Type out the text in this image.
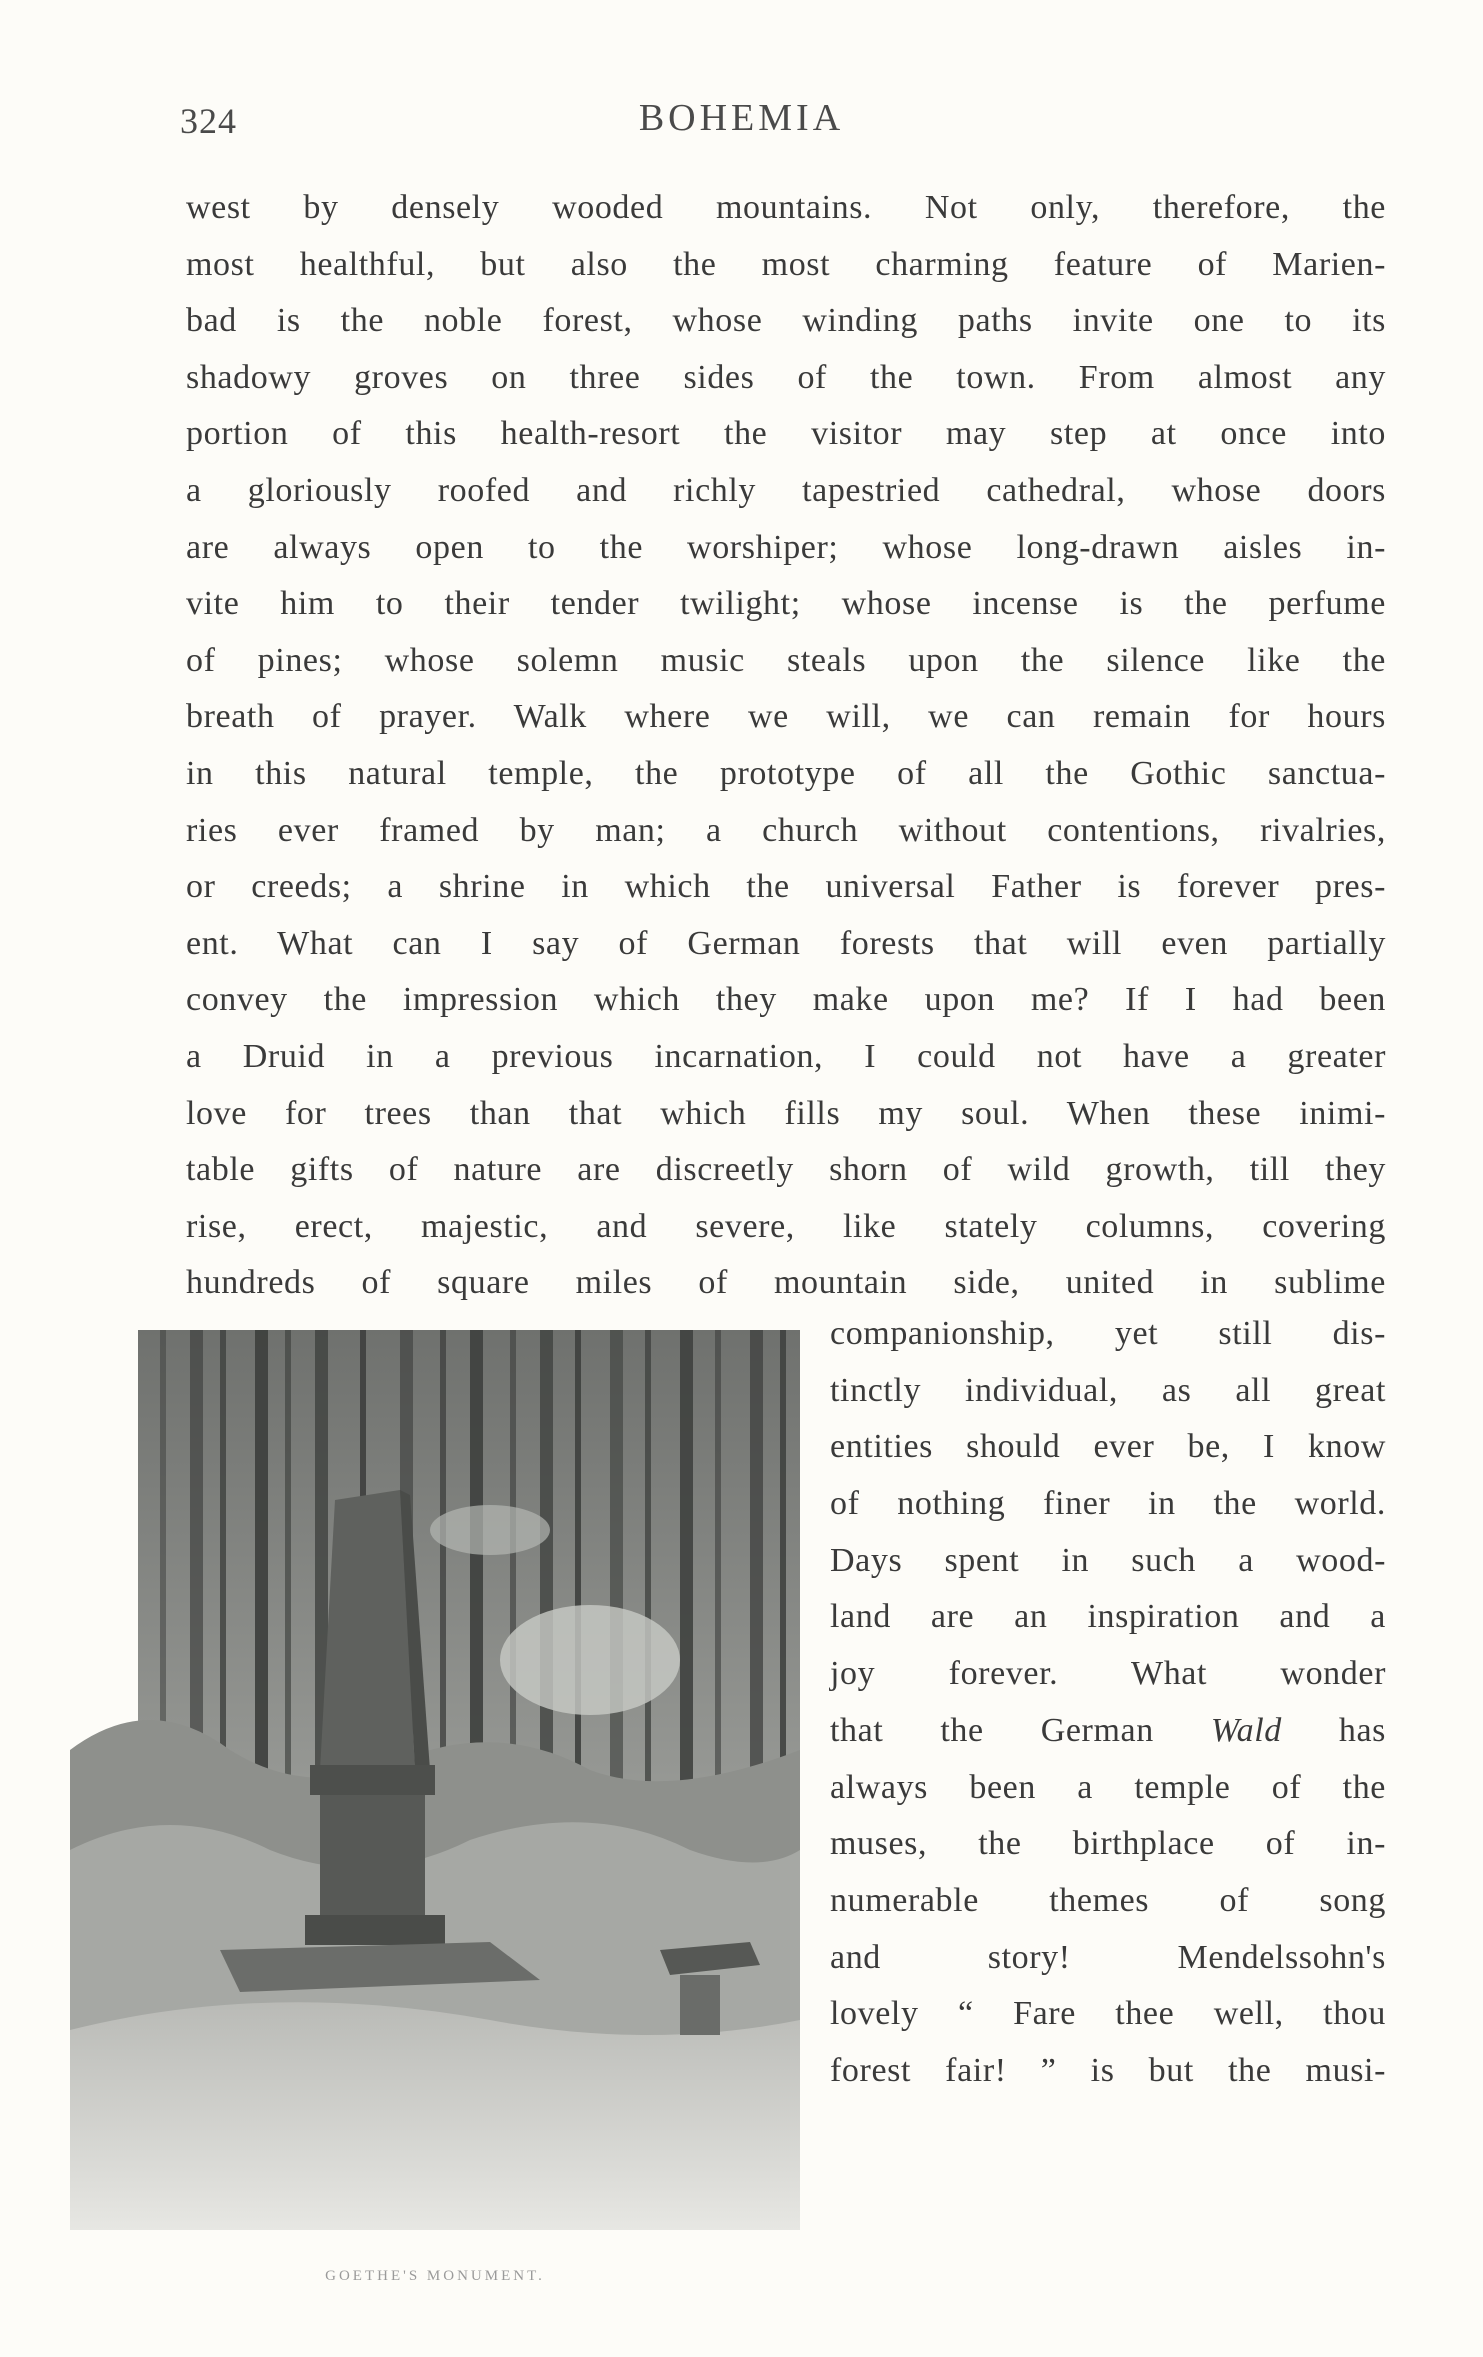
324	BOHEMIA
west by densely wooded mountains. Not only, therefore, the
most healthful, but also the most charming feature of Marien-
bad is the noble forest, whose winding paths invite one to its
shadowy groves on three sides of the town. From almost any
portion of this health-resort the visitor may step at once into
a gloriously roofed and richly tapestried cathedral, whose doors
are always open to the worshiper; whose long-drawn aisles in-
vite him to their tender twilight; whose incense is the perfume
of pines; whose solemn music steals upon the silence like the
breath of prayer. Walk where we will, we can remain for hours
in this natural temple, the prototype of all the Gothic sanctua-
ries ever framed by man; a church without contentions, rivalries,
or creeds; a shrine in which the universal Father is forever pres-
ent. What can I say of German forests that will even partially
convey the impression which they make upon me? If I had been
a Druid in a previous incarnation, I could not have a greater
love for trees than that which fills my soul. When these inimi-
table gifts of nature are discreetly shorn of wild growth, till they
rise, erect, majestic, and severe, like stately columns, covering
hundreds of square miles of mountain side, united in sublime
companionship, yet still dis-
tinctly individual, as all great
entities should ever be, I know
of nothing finer in the world.
Days spent in such a wood-
land are an inspiration and a
joy forever. What wonder
that the German Wald has
always been a temple of the
muses, the birthplace of in-
numerable themes of song
and story! Mendelssohn's
lovely “ Fare thee well, thou
forest fair! ” is but the musi-
GOETHE'S MONUMENT.
